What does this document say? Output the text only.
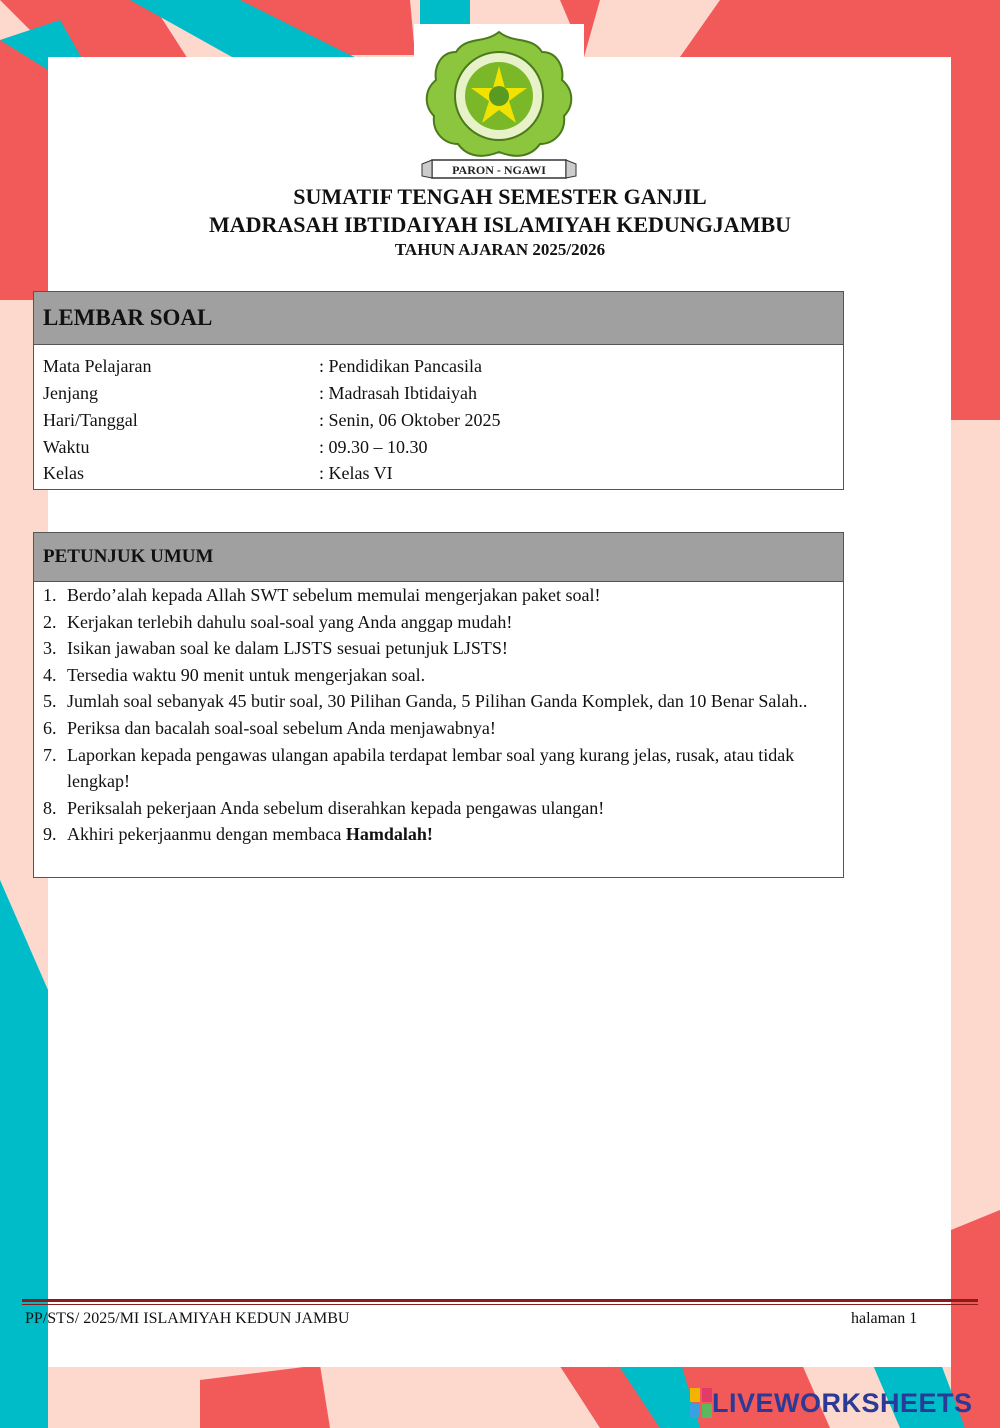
PARON - NGAWI
SUMATIF TENGAH SEMESTER GANJIL
MADRASAH IBTIDAIYAH ISLAMIYAH KEDUNGJAMBU
TAHUN AJARAN 2025/2026
LEMBAR SOAL
Mata Pelajaran	: Pendidikan Pancasila
Jenjang	: Madrasah Ibtidaiyah
Hari/Tanggal	: Senin, 06 Oktober 2025
Waktu	: 09.30 – 10.30
Kelas	: Kelas VI
PETUNJUK UMUM
1. Berdo’alah kepada Allah SWT sebelum memulai mengerjakan paket soal!
2. Kerjakan terlebih dahulu soal-soal yang Anda anggap mudah!
3. Isikan jawaban soal ke dalam LJSTS sesuai petunjuk LJSTS!
4. Tersedia waktu 90 menit untuk mengerjakan soal.
5. Jumlah soal sebanyak 45 butir soal, 30 Pilihan Ganda, 5 Pilihan Ganda Komplek, dan 10 Benar Salah..
6. Periksa dan bacalah soal-soal sebelum Anda menjawabnya!
7. Laporkan kepada pengawas ulangan apabila terdapat lembar soal yang kurang jelas, rusak, atau tidak lengkap!
8. Periksalah pekerjaan Anda sebelum diserahkan kepada pengawas ulangan!
9. Akhiri pekerjaanmu dengan membaca Hamdalah!
PP/STS/ 2025/MI ISLAMIYAH KEDUN JAMBU	halaman 1
LIVEWORKSHEETS
